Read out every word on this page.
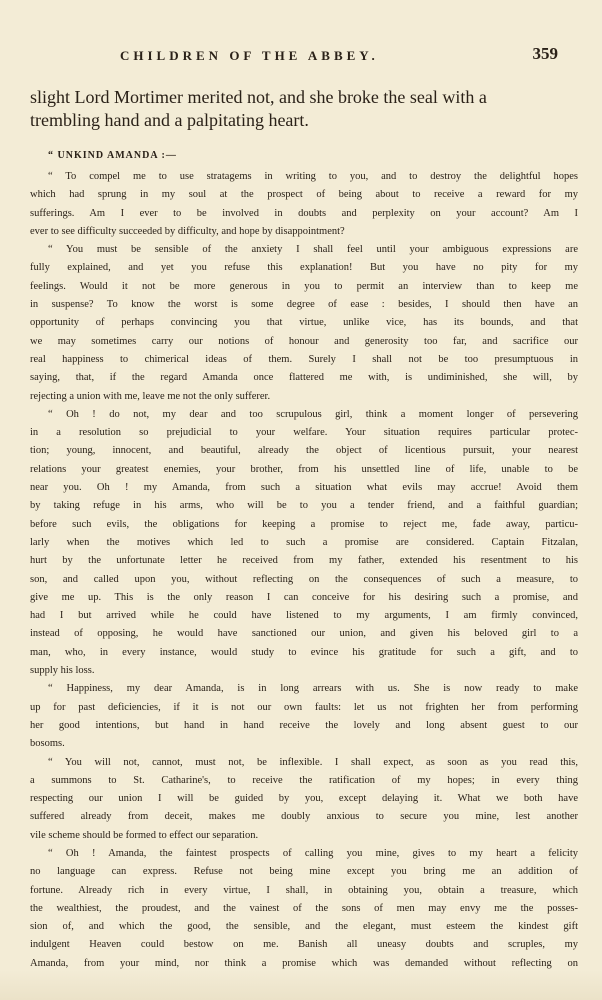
CHILDREN OF THE ABBEY.	359
slight Lord Mortimer merited not, and she broke the seal with a
trembling hand and a palpitating heart.
“ UNKIND AMANDA :—
“ To compel me to use stratagems in writing to you, and to destroy the delightful hopes
which had sprung in my soul at the prospect of being about to receive a reward for my
sufferings. Am I ever to be involved in doubts and perplexity on your account? Am I
ever to see difficulty succeeded by difficulty, and hope by disappointment?
“ You must be sensible of the anxiety I shall feel until your ambiguous expressions are
fully explained, and yet you refuse this explanation! But you have no pity for my
feelings. Would it not be more generous in you to permit an interview than to keep me
in suspense? To know the worst is some degree of ease : besides, I should then have an
opportunity of perhaps convincing you that virtue, unlike vice, has its bounds, and that
we may sometimes carry our notions of honour and generosity too far, and sacrifice our
real happiness to chimerical ideas of them. Surely I shall not be too presumptuous in
saying, that, if the regard Amanda once flattered me with, is undiminished, she will, by
rejecting a union with me, leave me not the only sufferer.
“ Oh ! do not, my dear and too scrupulous girl, think a moment longer of persevering
in a resolution so prejudicial to your welfare. Your situation requires particular protec-
tion; young, innocent, and beautiful, already the object of licentious pursuit, your nearest
relations your greatest enemies, your brother, from his unsettled line of life, unable to be
near you. Oh ! my Amanda, from such a situation what evils may accrue! Avoid them
by taking refuge in his arms, who will be to you a tender friend, and a faithful guardian;
before such evils, the obligations for keeping a promise to reject me, fade away, particu-
larly when the motives which led to such a promise are considered. Captain Fitzalan,
hurt by the unfortunate letter he received from my father, extended his resentment to his
son, and called upon you, without reflecting on the consequences of such a measure, to
give me up. This is the only reason I can conceive for his desiring such a promise, and
had I but arrived while he could have listened to my arguments, I am firmly convinced,
instead of opposing, he would have sanctioned our union, and given his beloved girl to a
man, who, in every instance, would study to evince his gratitude for such a gift, and to
supply his loss.
“ Happiness, my dear Amanda, is in long arrears with us. She is now ready to make
up for past deficiencies, if it is not our own faults: let us not frighten her from performing
her good intentions, but hand in hand receive the lovely and long absent guest to our
bosoms.
“ You will not, cannot, must not, be inflexible. I shall expect, as soon as you read this,
a summons to St. Catharine's, to receive the ratification of my hopes; in every thing
respecting our union I will be guided by you, except delaying it. What we both have
suffered already from deceit, makes me doubly anxious to secure you mine, lest another
vile scheme should be formed to effect our separation.
“ Oh ! Amanda, the faintest prospects of calling you mine, gives to my heart a felicity
no language can express. Refuse not being mine except you bring me an addition of
fortune. Already rich in every virtue, I shall, in obtaining you, obtain a treasure, which
the wealthiest, the proudest, and the vainest of the sons of men may envy me the posses-
sion of, and which the good, the sensible, and the elegant, must esteem the kindest gift
indulgent Heaven could bestow on me. Banish all uneasy doubts and scruples, my
Amanda, from your mind, nor think a promise which was demanded without reflecting on
